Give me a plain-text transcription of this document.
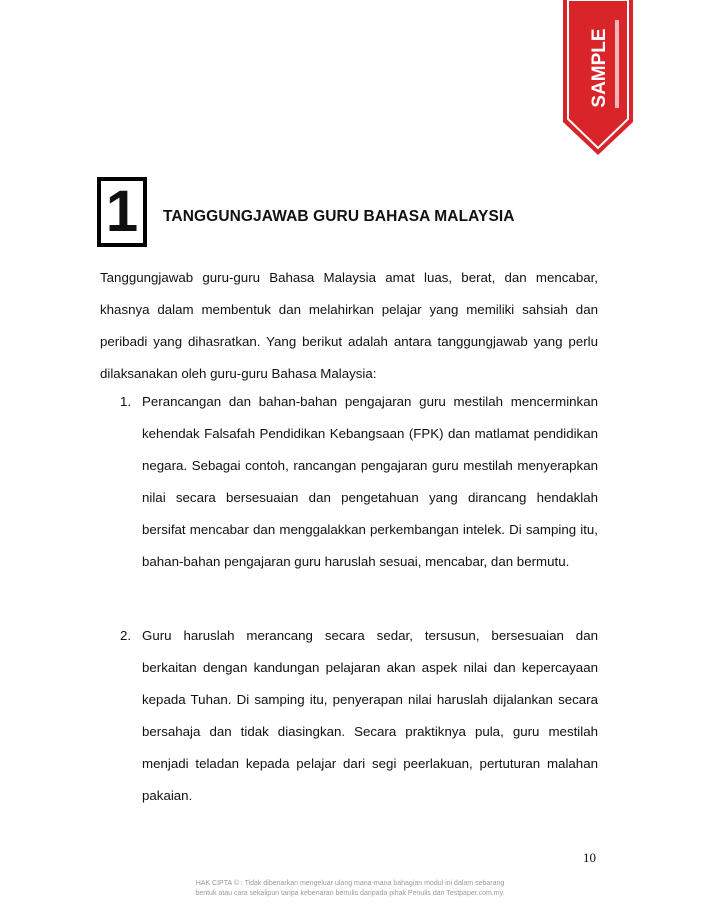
SAMPLE
1 TANGGUNGJAWAB GURU BAHASA MALAYSIA

Tanggungjawab guru-guru Bahasa Malaysia amat luas, berat, dan mencabar, khasnya dalam membentuk dan melahirkan pelajar yang memiliki sahsiah dan peribadi yang dihasratkan. Yang berikut adalah antara tanggungjawab yang perlu dilaksanakan oleh guru-guru Bahasa Malaysia:

1. Perancangan dan bahan-bahan pengajaran guru mestilah mencerminkan kehendak Falsafah Pendidikan Kebangsaan (FPK) dan matlamat pendidikan negara. Sebagai contoh, rancangan pengajaran guru mestilah menyerapkan nilai secara bersesuaian dan pengetahuan yang dirancang hendaklah bersifat mencabar dan menggalakkan perkembangan intelek. Di samping itu, bahan-bahan pengajaran guru haruslah sesuai, mencabar, dan bermutu.
2. Guru haruslah merancang secara sedar, tersusun, bersesuaian dan berkaitan dengan kandungan pelajaran akan aspek nilai dan kepercayaan kepada Tuhan. Di samping itu, penyerapan nilai haruslah dijalankan secara bersahaja dan tidak diasingkan. Secara praktiknya pula, guru mestilah menjadi teladan kepada pelajar dari segi peerlakuan, pertuturan malahan pakaian.
10
HAK CIPTA © : Tidak dibenarkan mengeluar ulang mana-mana bahagian modul ini dalam sebarang
bentuk atau cara sekalipun tanpa kebenaran bertulis daripada pihak Penulis dan Testpaper.com.my.
